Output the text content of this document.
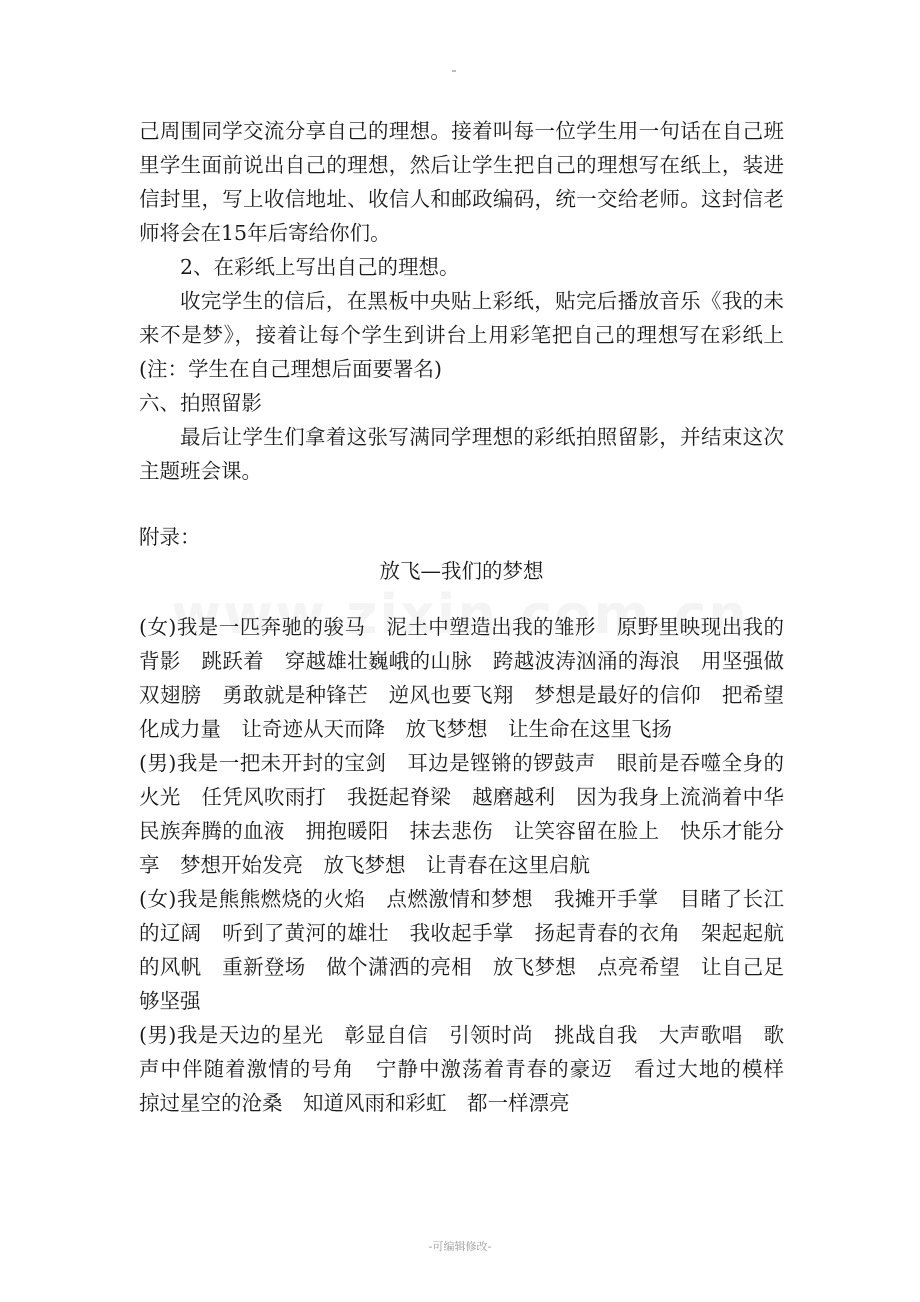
己周围同学交流分享自己的理想。接着叫每一位学生用一句话在自己班里学生面前说出自己的理想，然后让学生把自己的理想写在纸上，装进信封里，写上收信地址、收信人和邮政编码，统一交给老师。这封信老师将会在15年后寄给你们。

2、在彩纸上写出自己的理想。

收完学生的信后，在黑板中央贴上彩纸，贴完后播放音乐《我的未来不是梦》，接着让每个学生到讲台上用彩笔把自己的理想写在彩纸上(注：学生在自己理想后面要署名)

六、拍照留影

最后让学生们拿着这张写满同学理想的彩纸拍照留影，并结束这次主题班会课。

附录：

放飞—我们的梦想

(女)我是一匹奔驰的骏马　泥土中塑造出我的雏形　原野里映现出我的背影　跳跃着　穿越雄壮巍峨的山脉　跨越波涛汹涌的海浪　用坚强做双翅膀　勇敢就是种锋芒　逆风也要飞翔　梦想是最好的信仰　把希望化成力量　让奇迹从天而降　放飞梦想　让生命在这里飞扬

(男)我是一把未开封的宝剑　耳边是铿锵的锣鼓声　眼前是吞噬全身的火光　任凭风吹雨打　我挺起脊梁　越磨越利　因为我身上流淌着中华民族奔腾的血液　拥抱暖阳　抹去悲伤　让笑容留在脸上　快乐才能分享　梦想开始发亮　放飞梦想　让青春在这里启航

(女)我是熊熊燃烧的火焰　点燃激情和梦想　我摊开手掌　目睹了长江的辽阔　听到了黄河的雄壮　我收起手掌　扬起青春的衣角　架起起航的风帆　重新登场　做个潇洒的亮相　放飞梦想　点亮希望　让自己足够坚强

(男)我是天边的星光　彰显自信　引领时尚　挑战自我　大声歌唱　歌声中伴随着激情的号角　宁静中激荡着青春的豪迈　看过大地的模样　掠过星空的沧桑　知道风雨和彩虹　都一样漂亮

-可编辑修改-
